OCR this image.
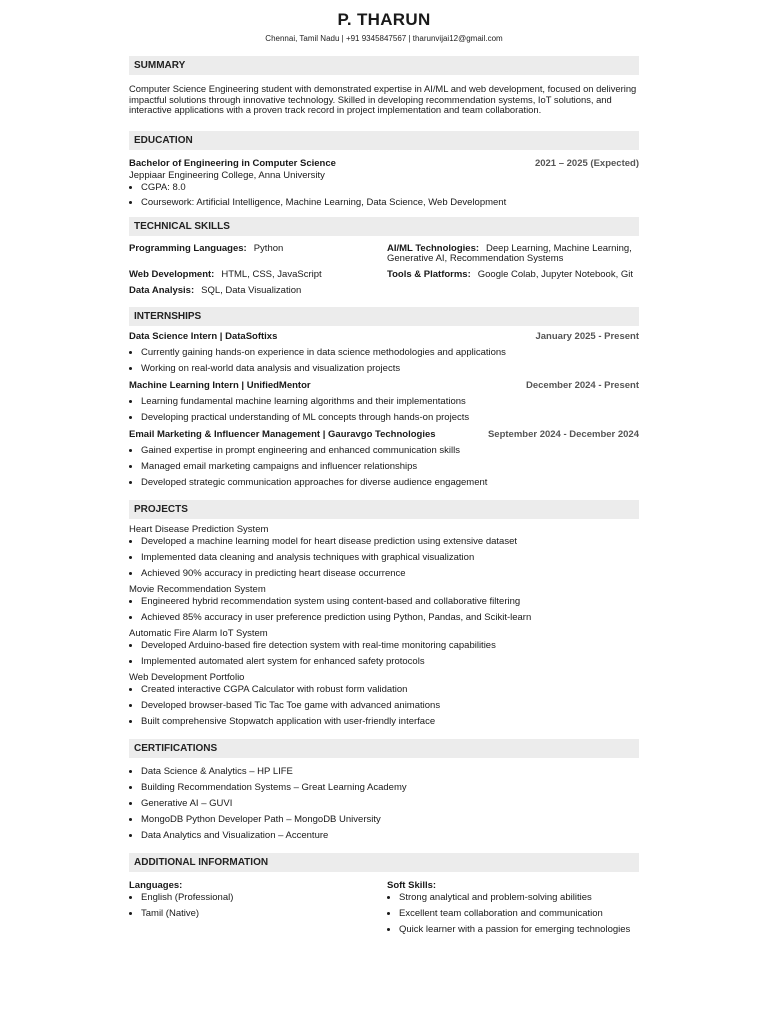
P. THARUN
Chennai, Tamil Nadu | +91 9345847567 | tharunvijai12@gmail.com
SUMMARY
Computer Science Engineering student with demonstrated expertise in AI/ML and web development, focused on delivering impactful solutions through innovative technology. Skilled in developing recommendation systems, IoT solutions, and interactive applications with a proven track record in project implementation and team collaboration.
EDUCATION
Bachelor of Engineering in Computer Science	2021 – 2025 (Expected)
Jeppiaar Engineering College, Anna University
• CGPA: 8.0
• Coursework: Artificial Intelligence, Machine Learning, Data Science, Web Development
TECHNICAL SKILLS
Programming Languages: Python	AI/ML Technologies: Deep Learning, Machine Learning, Generative AI, Recommendation Systems
Web Development: HTML, CSS, JavaScript	Tools & Platforms: Google Colab, Jupyter Notebook, Git
Data Analysis: SQL, Data Visualization
INTERNSHIPS
Data Science Intern | DataSoftixs	January 2025 - Present
• Currently gaining hands-on experience in data science methodologies and applications
• Working on real-world data analysis and visualization projects
Machine Learning Intern | UnifiedMentor	December 2024 - Present
• Learning fundamental machine learning algorithms and their implementations
• Developing practical understanding of ML concepts through hands-on projects
Email Marketing & Influencer Management | Gauravgo Technologies	September 2024 - December 2024
• Gained expertise in prompt engineering and enhanced communication skills
• Managed email marketing campaigns and influencer relationships
• Developed strategic communication approaches for diverse audience engagement
PROJECTS
Heart Disease Prediction System
• Developed a machine learning model for heart disease prediction using extensive dataset
• Implemented data cleaning and analysis techniques with graphical visualization
• Achieved 90% accuracy in predicting heart disease occurrence
Movie Recommendation System
• Engineered hybrid recommendation system using content-based and collaborative filtering
• Achieved 85% accuracy in user preference prediction using Python, Pandas, and Scikit-learn
Automatic Fire Alarm IoT System
• Developed Arduino-based fire detection system with real-time monitoring capabilities
• Implemented automated alert system for enhanced safety protocols
Web Development Portfolio
• Created interactive CGPA Calculator with robust form validation
• Developed browser-based Tic Tac Toe game with advanced animations
• Built comprehensive Stopwatch application with user-friendly interface
CERTIFICATIONS
• Data Science & Analytics – HP LIFE
• Building Recommendation Systems – Great Learning Academy
• Generative AI – GUVI
• MongoDB Python Developer Path – MongoDB University
• Data Analytics and Visualization – Accenture
ADDITIONAL INFORMATION
Languages:
• English (Professional)
• Tamil (Native)
Soft Skills:
• Strong analytical and problem-solving abilities
• Excellent team collaboration and communication
• Quick learner with a passion for emerging technologies
